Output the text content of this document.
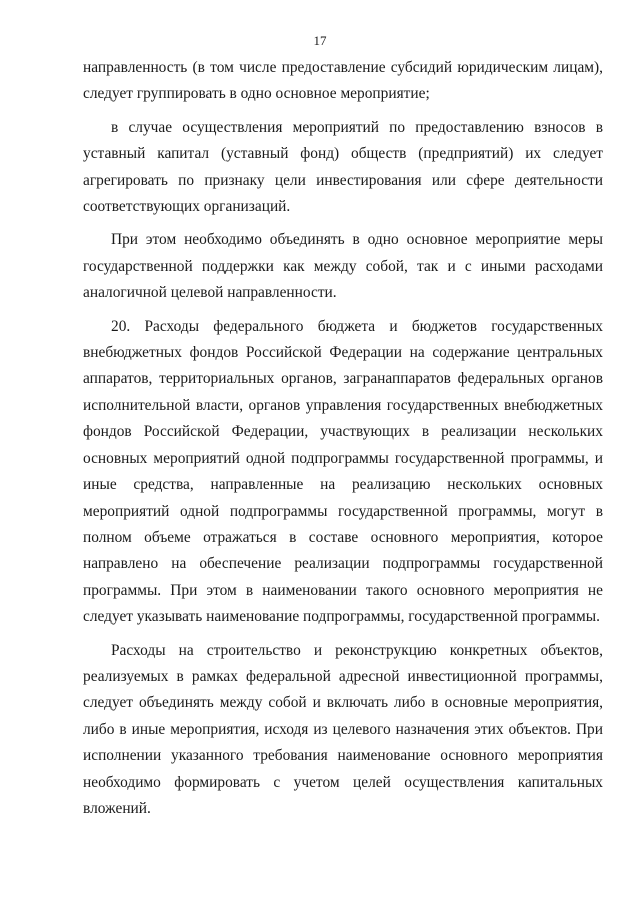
17

направленность (в том числе предоставление субсидий юридическим лицам), следует группировать в одно основное мероприятие;

в случае осуществления мероприятий по предоставлению взносов в уставный капитал (уставный фонд) обществ (предприятий) их следует агрегировать по признаку цели инвестирования или сфере деятельности соответствующих организаций.

При этом необходимо объединять в одно основное мероприятие меры государственной поддержки как между собой, так и с иными расходами аналогичной целевой направленности.

20. Расходы федерального бюджета и бюджетов государственных внебюджетных фондов Российской Федерации на содержание центральных аппаратов, территориальных органов, загранаппаратов федеральных органов исполнительной власти, органов управления государственных внебюджетных фондов Российской Федерации, участвующих в реализации нескольких основных мероприятий одной подпрограммы государственной программы, и иные средства, направленные на реализацию нескольких основных мероприятий одной подпрограммы государственной программы, могут в полном объеме отражаться в составе основного мероприятия, которое направлено на обеспечение реализации подпрограммы государственной программы. При этом в наименовании такого основного мероприятия не следует указывать наименование подпрограммы, государственной программы.

Расходы на строительство и реконструкцию конкретных объектов, реализуемых в рамках федеральной адресной инвестиционной программы, следует объединять между собой и включать либо в основные мероприятия, либо в иные мероприятия, исходя из целевого назначения этих объектов. При исполнении указанного требования наименование основного мероприятия необходимо формировать с учетом целей осуществления капитальных вложений.
